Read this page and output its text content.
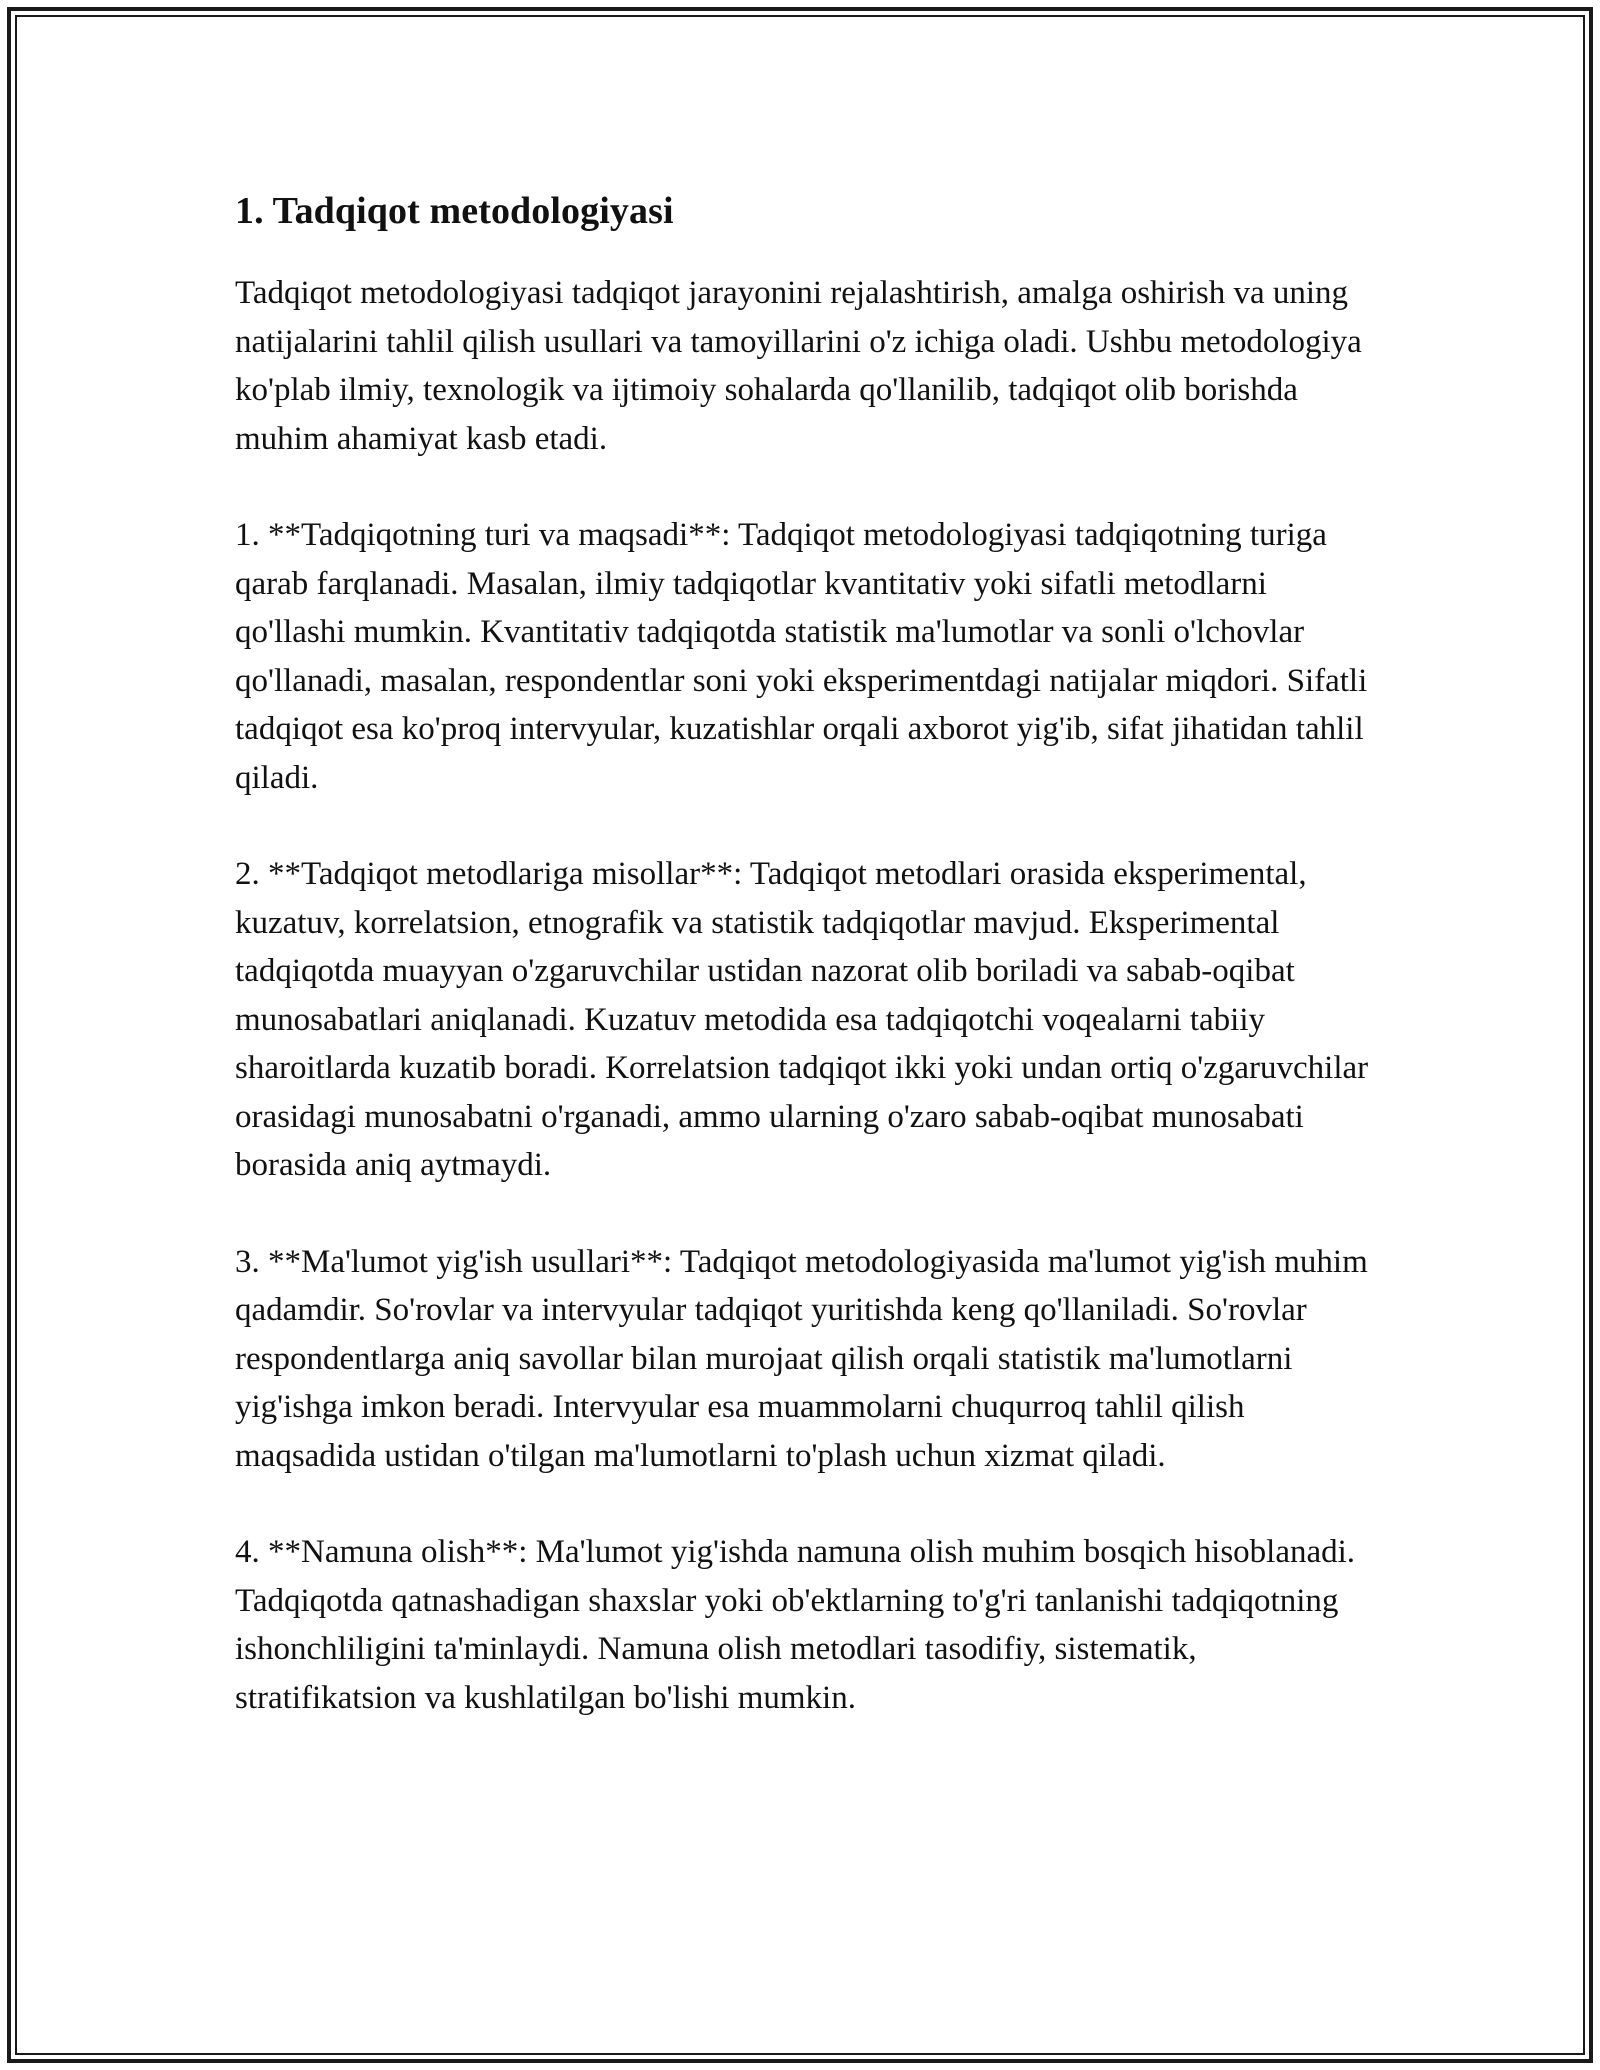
1. Tadqiqot metodologiyasi

Tadqiqot metodologiyasi tadqiqot jarayonini rejalashtirish, amalga oshirish va uning natijalarini tahlil qilish usullari va tamoyillarini o'z ichiga oladi. Ushbu metodologiya ko'plab ilmiy, texnologik va ijtimoiy sohalarda qo'llanilib, tadqiqot olib borishda muhim ahamiyat kasb etadi.

1. **Tadqiqotning turi va maqsadi**: Tadqiqot metodologiyasi tadqiqotning turiga qarab farqlanadi. Masalan, ilmiy tadqiqotlar kvantitativ yoki sifatli metodlarni qo'llashi mumkin. Kvantitativ tadqiqotda statistik ma'lumotlar va sonli o'lchovlar qo'llanadi, masalan, respondentlar soni yoki eksperimentdagi natijalar miqdori. Sifatli tadqiqot esa ko'proq intervyular, kuzatishlar orqali axborot yig'ib, sifat jihatidan tahlil qiladi.

2. **Tadqiqot metodlariga misollar**: Tadqiqot metodlari orasida eksperimental, kuzatuv, korrelatsion, etnografik va statistik tadqiqotlar mavjud. Eksperimental tadqiqotda muayyan o'zgaruvchilar ustidan nazorat olib boriladi va sabab-oqibat munosabatlari aniqlanadi. Kuzatuv metodida esa tadqiqotchi voqealarni tabiiy sharoitlarda kuzatib boradi. Korrelatsion tadqiqot ikki yoki undan ortiq o'zgaruvchilar orasidagi munosabatni o'rganadi, ammo ularning o'zaro sabab-oqibat munosabati borasida aniq aytmaydi.

3. **Ma'lumot yig'ish usullari**: Tadqiqot metodologiyasida ma'lumot yig'ish muhim qadamdir. So'rovlar va intervyular tadqiqot yuritishda keng qo'llaniladi. So'rovlar respondentlarga aniq savollar bilan murojaat qilish orqali statistik ma'lumotlarni yig'ishga imkon beradi. Intervyular esa muammolarni chuqurroq tahlil qilish maqsadida ustidan o'tilgan ma'lumotlarni to'plash uchun xizmat qiladi.

4. **Namuna olish**: Ma'lumot yig'ishda namuna olish muhim bosqich hisoblanadi. Tadqiqotda qatnashadigan shaxslar yoki ob'ektlarning to'g'ri tanlanishi tadqiqotning ishonchliligini ta'minlaydi. Namuna olish metodlari tasodifiy, sistematik, stratifikatsion va kushlatilgan bo'lishi mumkin.
